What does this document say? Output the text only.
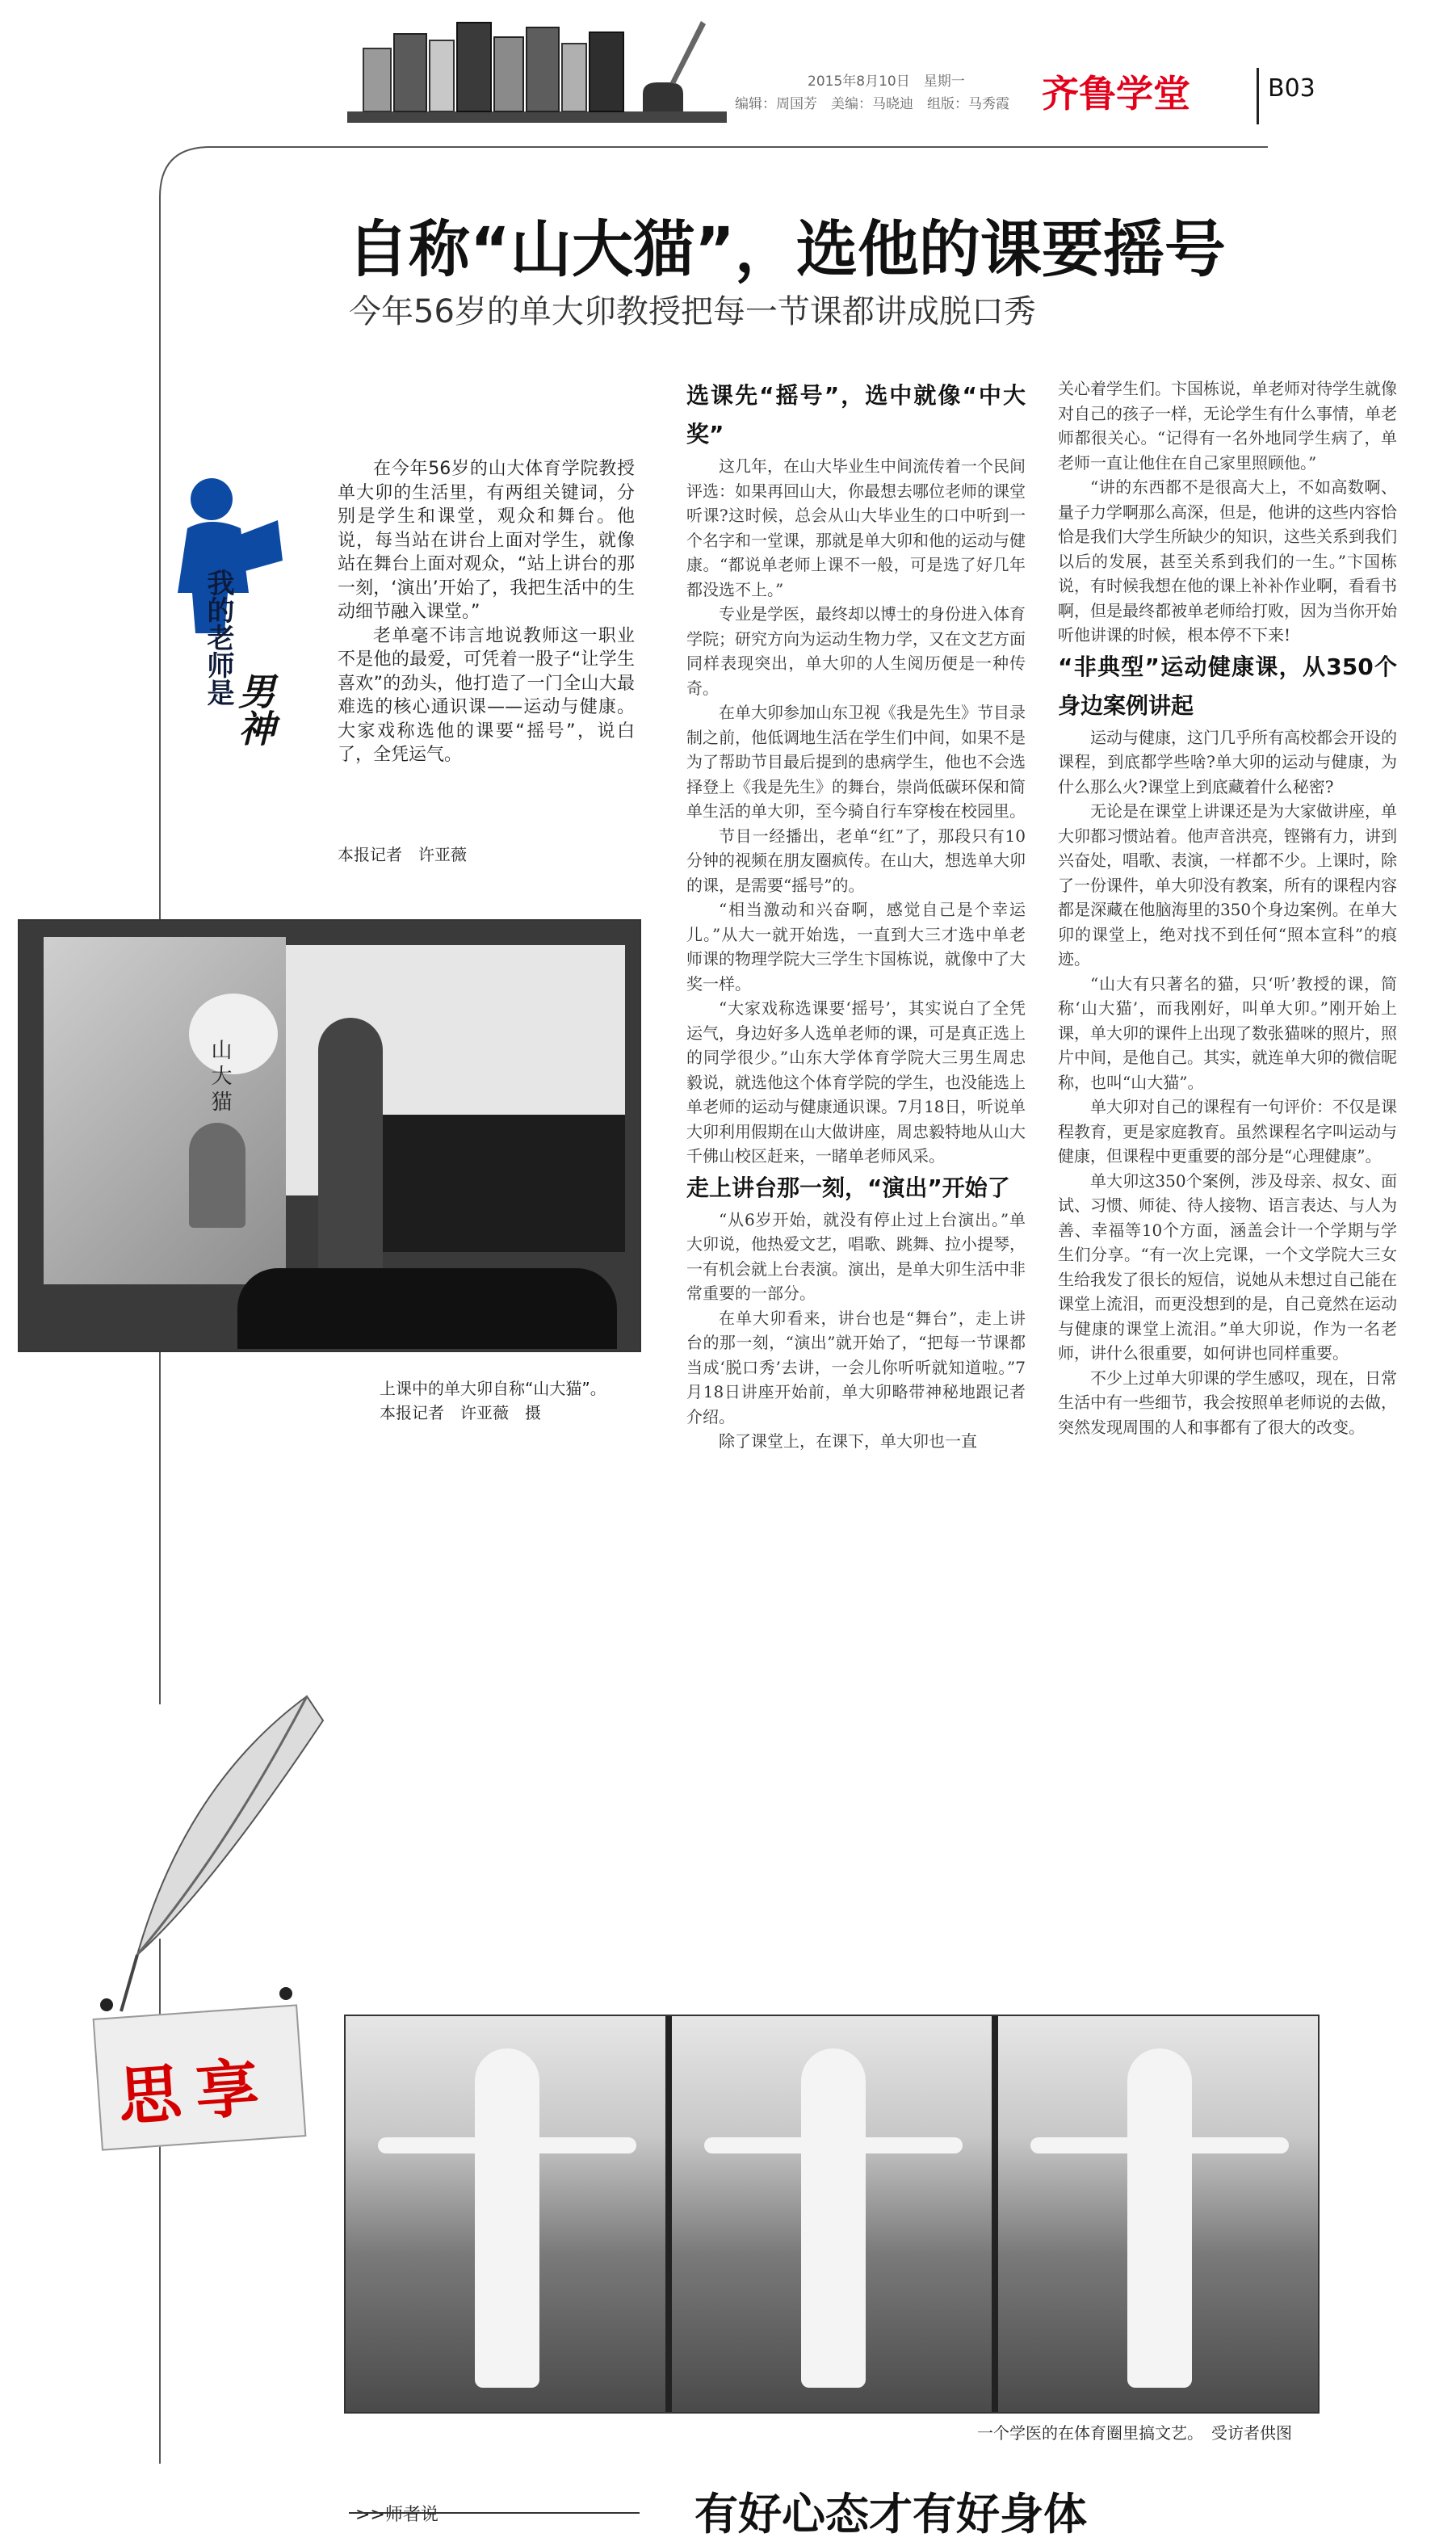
2015年8月10日　星期一
编辑：周国芳　美编：马晓迪　组版：马秀霞 齐鲁学堂	B03
自称“山大猫”，选他的课要摇号
今年56岁的单大卯教授把每一节课都讲成脱口秀
我的老师是
男神

在今年56岁的山大体育学院教授单大卯的生活里，有两组关键词，分别是学生和课堂，观众和舞台。他说，每当站在讲台上面对学生，就像站在舞台上面对观众，“站上讲台的那一刻，‘演出’开始了，我把生活中的生动细节融入课堂。”

老单毫不讳言地说教师这一职业不是他的最爱，可凭着一股子“让学生喜欢”的劲头，他打造了一门全山大最难选的核心通识课——运动与健康。大家戏称选他的课要“摇号”，说白了，全凭运气。

本报记者　许亚薇
山大猫
上课中的单大卯自称“山大猫”。　本报记者　许亚薇　摄

选课先“摇号”，选中就像“中大奖”

这几年，在山大毕业生中间流传着一个民间评选：如果再回山大，你最想去哪位老师的课堂听课?这时候，总会从山大毕业生的口中听到一个名字和一堂课，那就是单大卯和他的运动与健康。“都说单老师上课不一般，可是选了好几年都没选不上。”

专业是学医，最终却以博士的身份进入体育学院；研究方向为运动生物力学，又在文艺方面同样表现突出，单大卯的人生阅历便是一种传奇。

在单大卯参加山东卫视《我是先生》节目录制之前，他低调地生活在学生们中间，如果不是为了帮助节目最后提到的患病学生，他也不会选择登上《我是先生》的舞台，崇尚低碳环保和简单生活的单大卯，至今骑自行车穿梭在校园里。

节目一经播出，老单“红”了，那段只有10分钟的视频在朋友圈疯传。在山大，想选单大卯的课，是需要“摇号”的。

“相当激动和兴奋啊，感觉自己是个幸运儿。”从大一就开始选，一直到大三才选中单老师课的物理学院大三学生卞国栋说，就像中了大奖一样。

“大家戏称选课要‘摇号’，其实说白了全凭运气，身边好多人选单老师的课，可是真正选上的同学很少。”山东大学体育学院大三男生周忠毅说，就选他这个体育学院的学生，也没能选上单老师的运动与健康通识课。7月18日，听说单大卯利用假期在山大做讲座，周忠毅特地从山大千佛山校区赶来，一睹单老师风采。

走上讲台那一刻，“演出”开始了

“从6岁开始，就没有停止过上台演出。”单大卯说，他热爱文艺，唱歌、跳舞、拉小提琴，一有机会就上台表演。演出，是单大卯生活中非常重要的一部分。

在单大卯看来，讲台也是“舞台”，走上讲台的那一刻，“演出”就开始了，“把每一节课都当成‘脱口秀’去讲，一会儿你听听就知道啦。”7月18日讲座开始前，单大卯略带神秘地跟记者介绍。

除了课堂上，在课下，单大卯也一直

关心着学生们。卞国栋说，单老师对待学生就像对自己的孩子一样，无论学生有什么事情，单老师都很关心。“记得有一名外地同学生病了，单老师一直让他住在自己家里照顾他。”

“讲的东西都不是很高大上，不如高数啊、量子力学啊那么高深，但是，他讲的这些内容恰恰是我们大学生所缺少的知识，这些关系到我们以后的发展，甚至关系到我们的一生。”卞国栋说，有时候我想在他的课上补补作业啊，看看书啊，但是最终都被单老师给打败，因为当你开始听他讲课的时候，根本停不下来!

“非典型”运动健康课，从350个身边案例讲起

运动与健康，这门几乎所有高校都会开设的课程，到底都学些啥?单大卯的运动与健康，为什么那么火?课堂上到底藏着什么秘密?

无论是在课堂上讲课还是为大家做讲座，单大卯都习惯站着。他声音洪亮，铿锵有力，讲到兴奋处，唱歌、表演，一样都不少。上课时，除了一份课件，单大卯没有教案，所有的课程内容都是深藏在他脑海里的350个身边案例。在单大卯的课堂上，绝对找不到任何“照本宣科”的痕迹。

“山大有只著名的猫，只‘听’教授的课，简称‘山大猫’，而我刚好，叫单大卯。”刚开始上课，单大卯的课件上出现了数张猫咪的照片，照片中间，是他自己。其实，就连单大卯的微信昵称，也叫“山大猫”。

单大卯对自己的课程有一句评价：不仅是课程教育，更是家庭教育。虽然课程名字叫运动与健康，但课程中更重要的部分是“心理健康”。

单大卯这350个案例，涉及母亲、叔女、面试、习惯、师徒、待人接物、语言表达、与人为善、幸福等10个方面，涵盖会计一个学期与学生们分享。“有一次上完课，一个文学院大三女生给我发了很长的短信，说她从未想过自己能在课堂上流泪，而更没想到的是，自己竟然在运动与健康的课堂上流泪。”单大卯说，作为一名老师，讲什么很重要，如何讲也同样重要。

不少上过单大卯课的学生感叹，现在，日常生活中有一些细节，我会按照单老师说的去做，突然发现周围的人和事都有了很大的改变。

一个学医的在体育圈里搞文艺。　受访者供图
思享
>>师者说	有好心态才有好身体
